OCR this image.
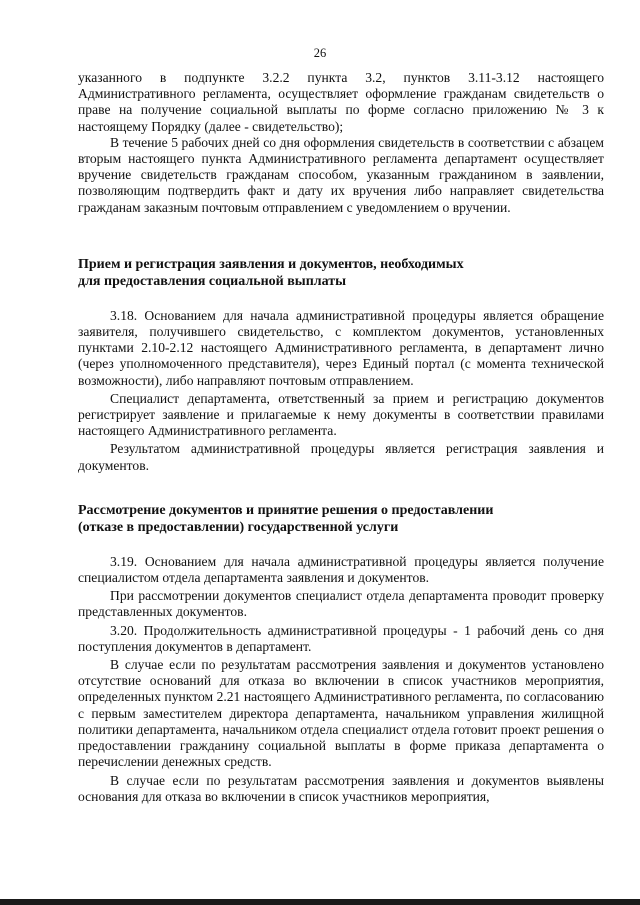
26

указанного в подпункте 3.2.2 пункта 3.2, пунктов 3.11-3.12 настоящего Административного регламента, осуществляет оформление гражданам свидетельств о праве на получение социальной выплаты по форме согласно приложению № 3 к настоящему Порядку (далее - свидетельство);

В течение 5 рабочих дней со дня оформления свидетельств в соответствии с абзацем вторым настоящего пункта Административного регламента департамент осуществляет вручение свидетельств гражданам способом, указанным гражданином в заявлении, позволяющим подтвердить факт и дату их вручения либо направляет свидетельства гражданам заказным почтовым отправлением с уведомлением о вручении.

Прием и регистрация заявления и документов, необходимых

для предоставления социальной выплаты

3.18. Основанием для начала административной процедуры является обращение заявителя, получившего свидетельство, с комплектом документов, установленных пунктами 2.10-2.12 настоящего Административного регламента, в департамент лично (через уполномоченного представителя), через Единый портал (с момента технической возможности), либо направляют почтовым отправлением.

Специалист департамента, ответственный за прием и регистрацию документов регистрирует заявление и прилагаемые к нему документы в соответствии правилами настоящего Административного регламента.

Результатом административной процедуры является регистрация заявления и документов.

Рассмотрение документов и принятие решения о предоставлении

(отказе в предоставлении) государственной услуги

3.19. Основанием для начала административной процедуры является получение специалистом отдела департамента заявления и документов.

При рассмотрении документов специалист отдела департамента проводит проверку представленных документов.

3.20. Продолжительность административной процедуры - 1 рабочий день со дня поступления документов в департамент.

В случае если по результатам рассмотрения заявления и документов установлено отсутствие оснований для отказа во включении в список участников мероприятия, определенных пунктом 2.21 настоящего Административного регламента, по согласованию с первым заместителем директора департамента, начальником управления жилищной политики департамента, начальником отдела специалист отдела готовит проект решения о предоставлении гражданину социальной выплаты в форме приказа департамента о перечислении денежных средств.

В случае если по результатам рассмотрения заявления и документов выявлены основания для отказа во включении в список участников мероприятия,
